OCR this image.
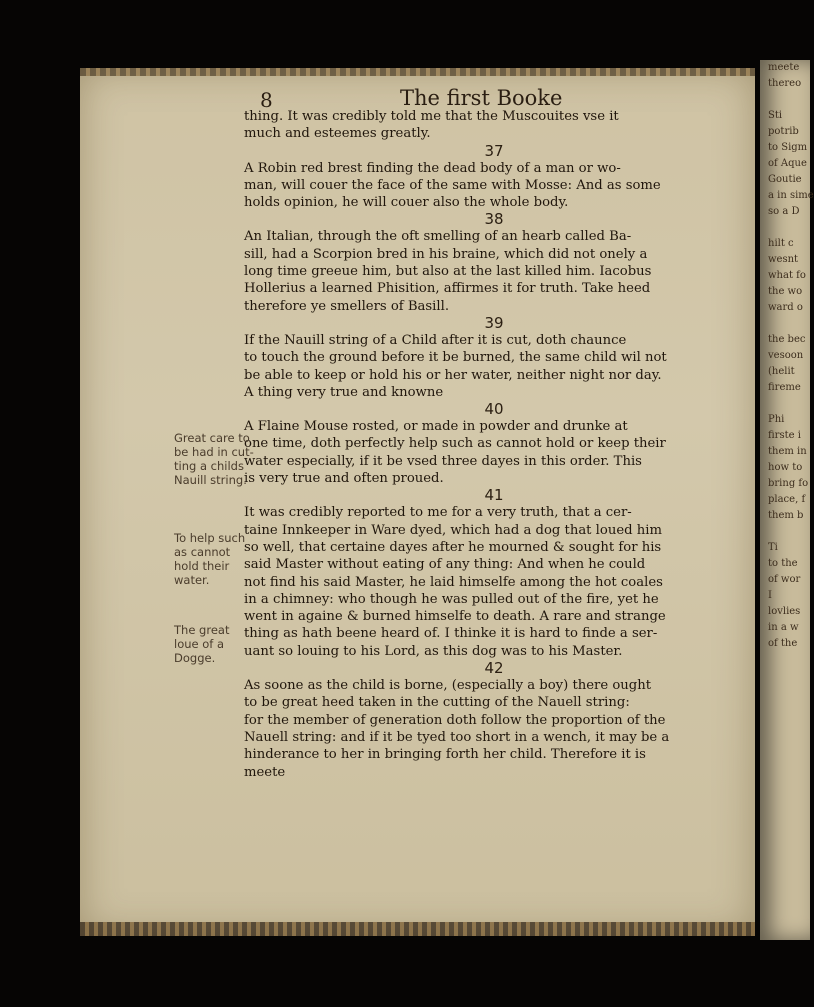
8	The first Booke
thing. It was credibly told me that the Muscouites vse it
much and esteemes greatly.
37
A Robin red brest finding the dead body of a man or wo-
man, will couer the face of the same with Mosse: And as some
holds opinion, he will couer also the whole body.
38
An Italian, through the oft smelling of an hearb called Ba-
sill, had a Scorpion bred in his braine, which did not onely a
long time greeue him, but also at the last killed him. Iacobus
Hollerius a learned Phisition, affirmes it for truth. Take heed
therefore ye smellers of Basill.
39
If the Nauill string of a Child after it is cut, doth chaunce
to touch the ground before it be burned, the same child wil not
be able to keep or hold his or her water, neither night nor day.
A thing very true and knowne
40
A Flaine Mouse rosted, or made in powder and drunke at
one time, doth perfectly help such as cannot hold or keep their
water especially, if it be vsed three dayes in this order. This
is very true and often proued.
41
It was credibly reported to me for a very truth, that a cer-
taine Innkeeper in Ware dyed, which had a dog that loued him
so well, that certaine dayes after he mourned & sought for his
said Master without eating of any thing: And when he could
not find his said Master, he laid himselfe among the hot coales
in a chimney: who though he was pulled out of the fire, yet he
went in againe & burned himselfe to death. A rare and strange
thing as hath beene heard of. I thinke it is hard to finde a ser-
uant so louing to his Lord, as this dog was to his Master.
42
As soone as the child is borne, (especially a boy) there ought
to be great heed taken in the cutting of the Nauell string:
for the member of generation doth follow the proportion of the
Nauell string: and if it be tyed too short in a wench, it may be a
hinderance to her in bringing forth her child. Therefore it is
meete
Great care to
be had in cut-
ting a childs
Nauill string.
To help such
as cannot
hold their
water.
The great
loue of a
Dogge.
meete
thereo

Sti
potrib
to Sigm
of Aque
Goutie
a in sime
so a D

hilt c
wesnt
what fo
the wo
ward o

the bec
vesoon
(helit
fireme

Phi
firste i
them in
how to
bring fo
place, f
them b

Ti
to the
of wor
I
lovlies
in a w
of the
